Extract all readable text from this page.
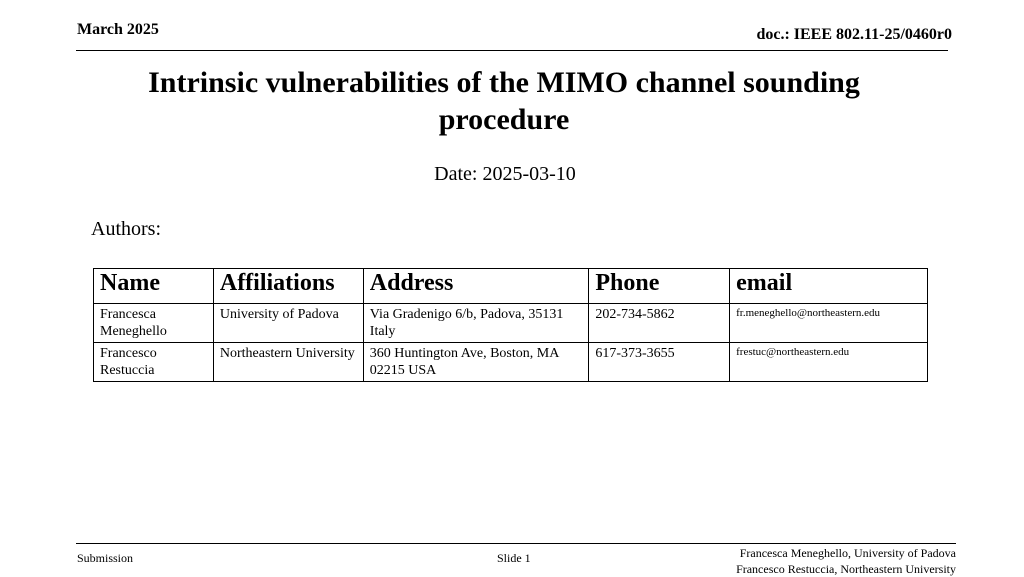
March 2025	doc.: IEEE 802.11-25/0460r0
Intrinsic vulnerabilities of the MIMO channel sounding procedure
Date: 2025-03-10
Authors:
Name	Affiliations	Address	Phone	email
Francesca Meneghello	University of Padova	Via Gradenigo 6/b, Padova, 35131 Italy	202-734-5862	fr.meneghello@northeastern.edu
Francesco Restuccia	Northeastern University	360 Huntington Ave, Boston, MA 02215 USA	617-373-3655	frestuc@northeastern.edu
Submission	Slide 1	Francesca Meneghello, University of Padova
Francesco Restuccia, Northeastern University
